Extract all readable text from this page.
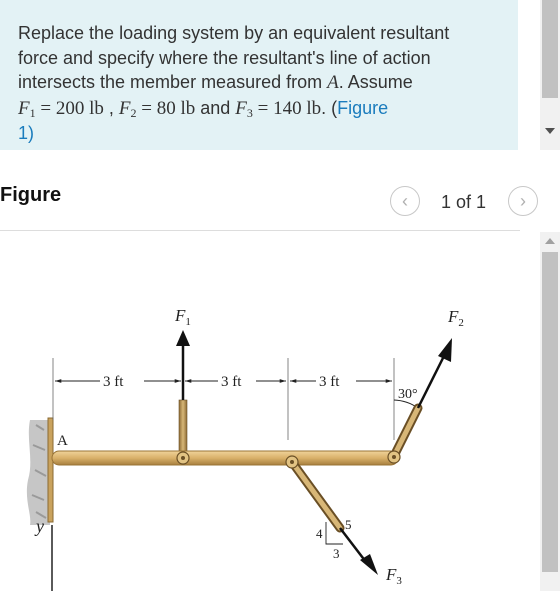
Replace the loading system by an equivalent resultant
force and specify where the resultant's line of action
intersects the member measured from A. Assume
$F_1 = 200$ lb , $F_2 = 80$ lb and $F_3 = 140$ lb. (Figure
1)
Figure	‹ 1 of 1 ›
y
A
3 ft	3 ft	3 ft
30°
$F_1$	$F_2$
$F_3$
4
3
5
